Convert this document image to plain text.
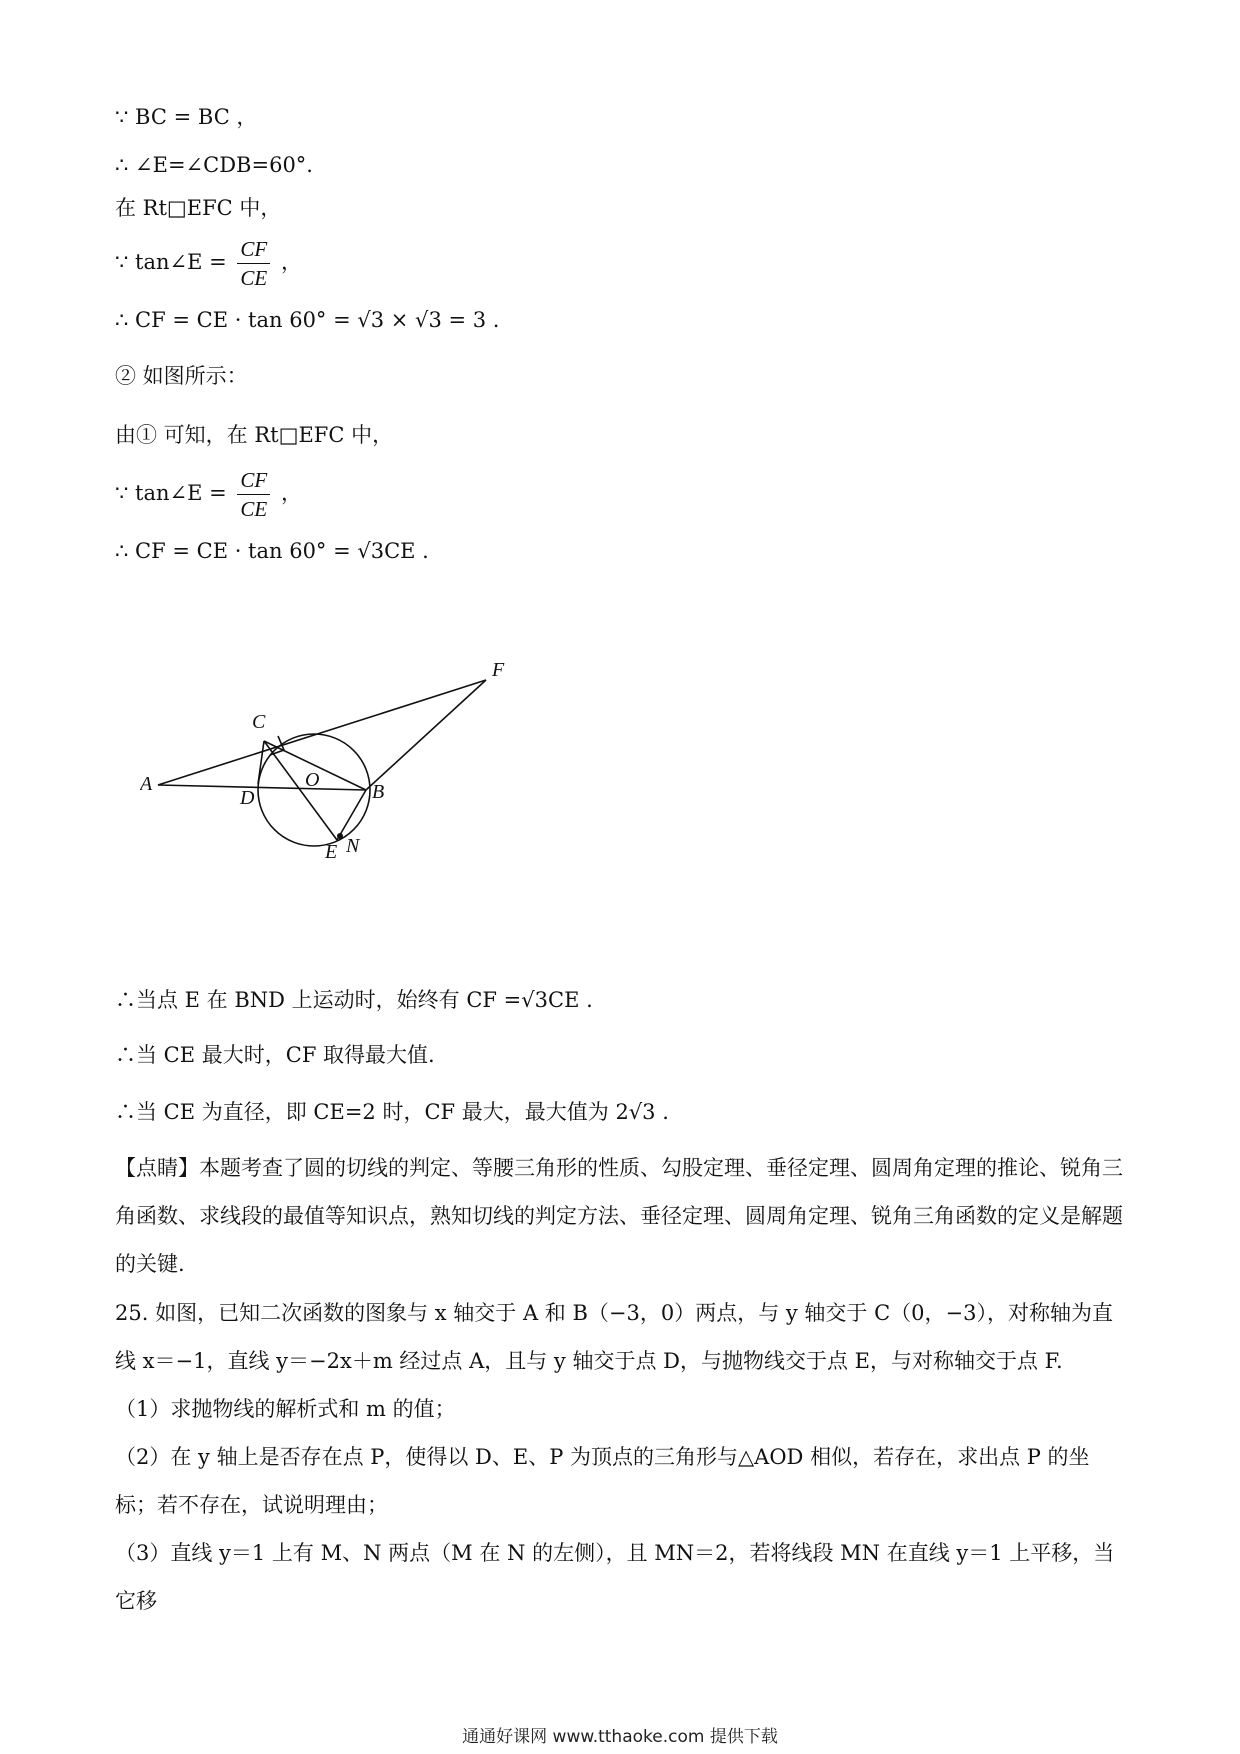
∵ BC = BC ，
∴ ∠E=∠CDB=60°.
在 Rt□EFC 中，
∵ tan∠E = $\frac{CF}{CE}$ ，
∴ CF = CE · tan 60° = √3 × √3 = 3 .
② 如图所示：
由① 可知，在 Rt□EFC 中，
∵ tan∠E = $\frac{CF}{CE}$ ，
∴ CF = CE · tan 60° = √3CE .
F
C
A
D
O
B
E N
∴当点 E 在 BND 上运动时，始终有 CF =√3CE .
∴当 CE 最大时，CF 取得最大值.
∴当 CE 为直径，即 CE=2 时，CF 最大，最大值为 2√3 .
【点睛】本题考查了圆的切线的判定、等腰三角形的性质、勾股定理、垂径定理、圆周角定理的推论、锐角三角函数、求线段的最值等知识点，熟知切线的判定方法、垂径定理、圆周角定理、锐角三角函数的定义是解题的关键.
25. 如图，已知二次函数的图象与 x 轴交于 A 和 B（−3，0）两点，与 y 轴交于 C（0，−3），对称轴为直线 x＝−1，直线 y＝−2x＋m 经过点 A，且与 y 轴交于点 D，与抛物线交于点 E，与对称轴交于点 F.
（1）求抛物线的解析式和 m 的值；
（2）在 y 轴上是否存在点 P，使得以 D、E、P 为顶点的三角形与△AOD 相似，若存在，求出点 P 的坐标；若不存在，试说明理由；
（3）直线 y＝1 上有 M、N 两点（M 在 N 的左侧），且 MN＝2，若将线段 MN 在直线 y＝1 上平移，当它移
通通好课网 www.tthaoke.com 提供下载
